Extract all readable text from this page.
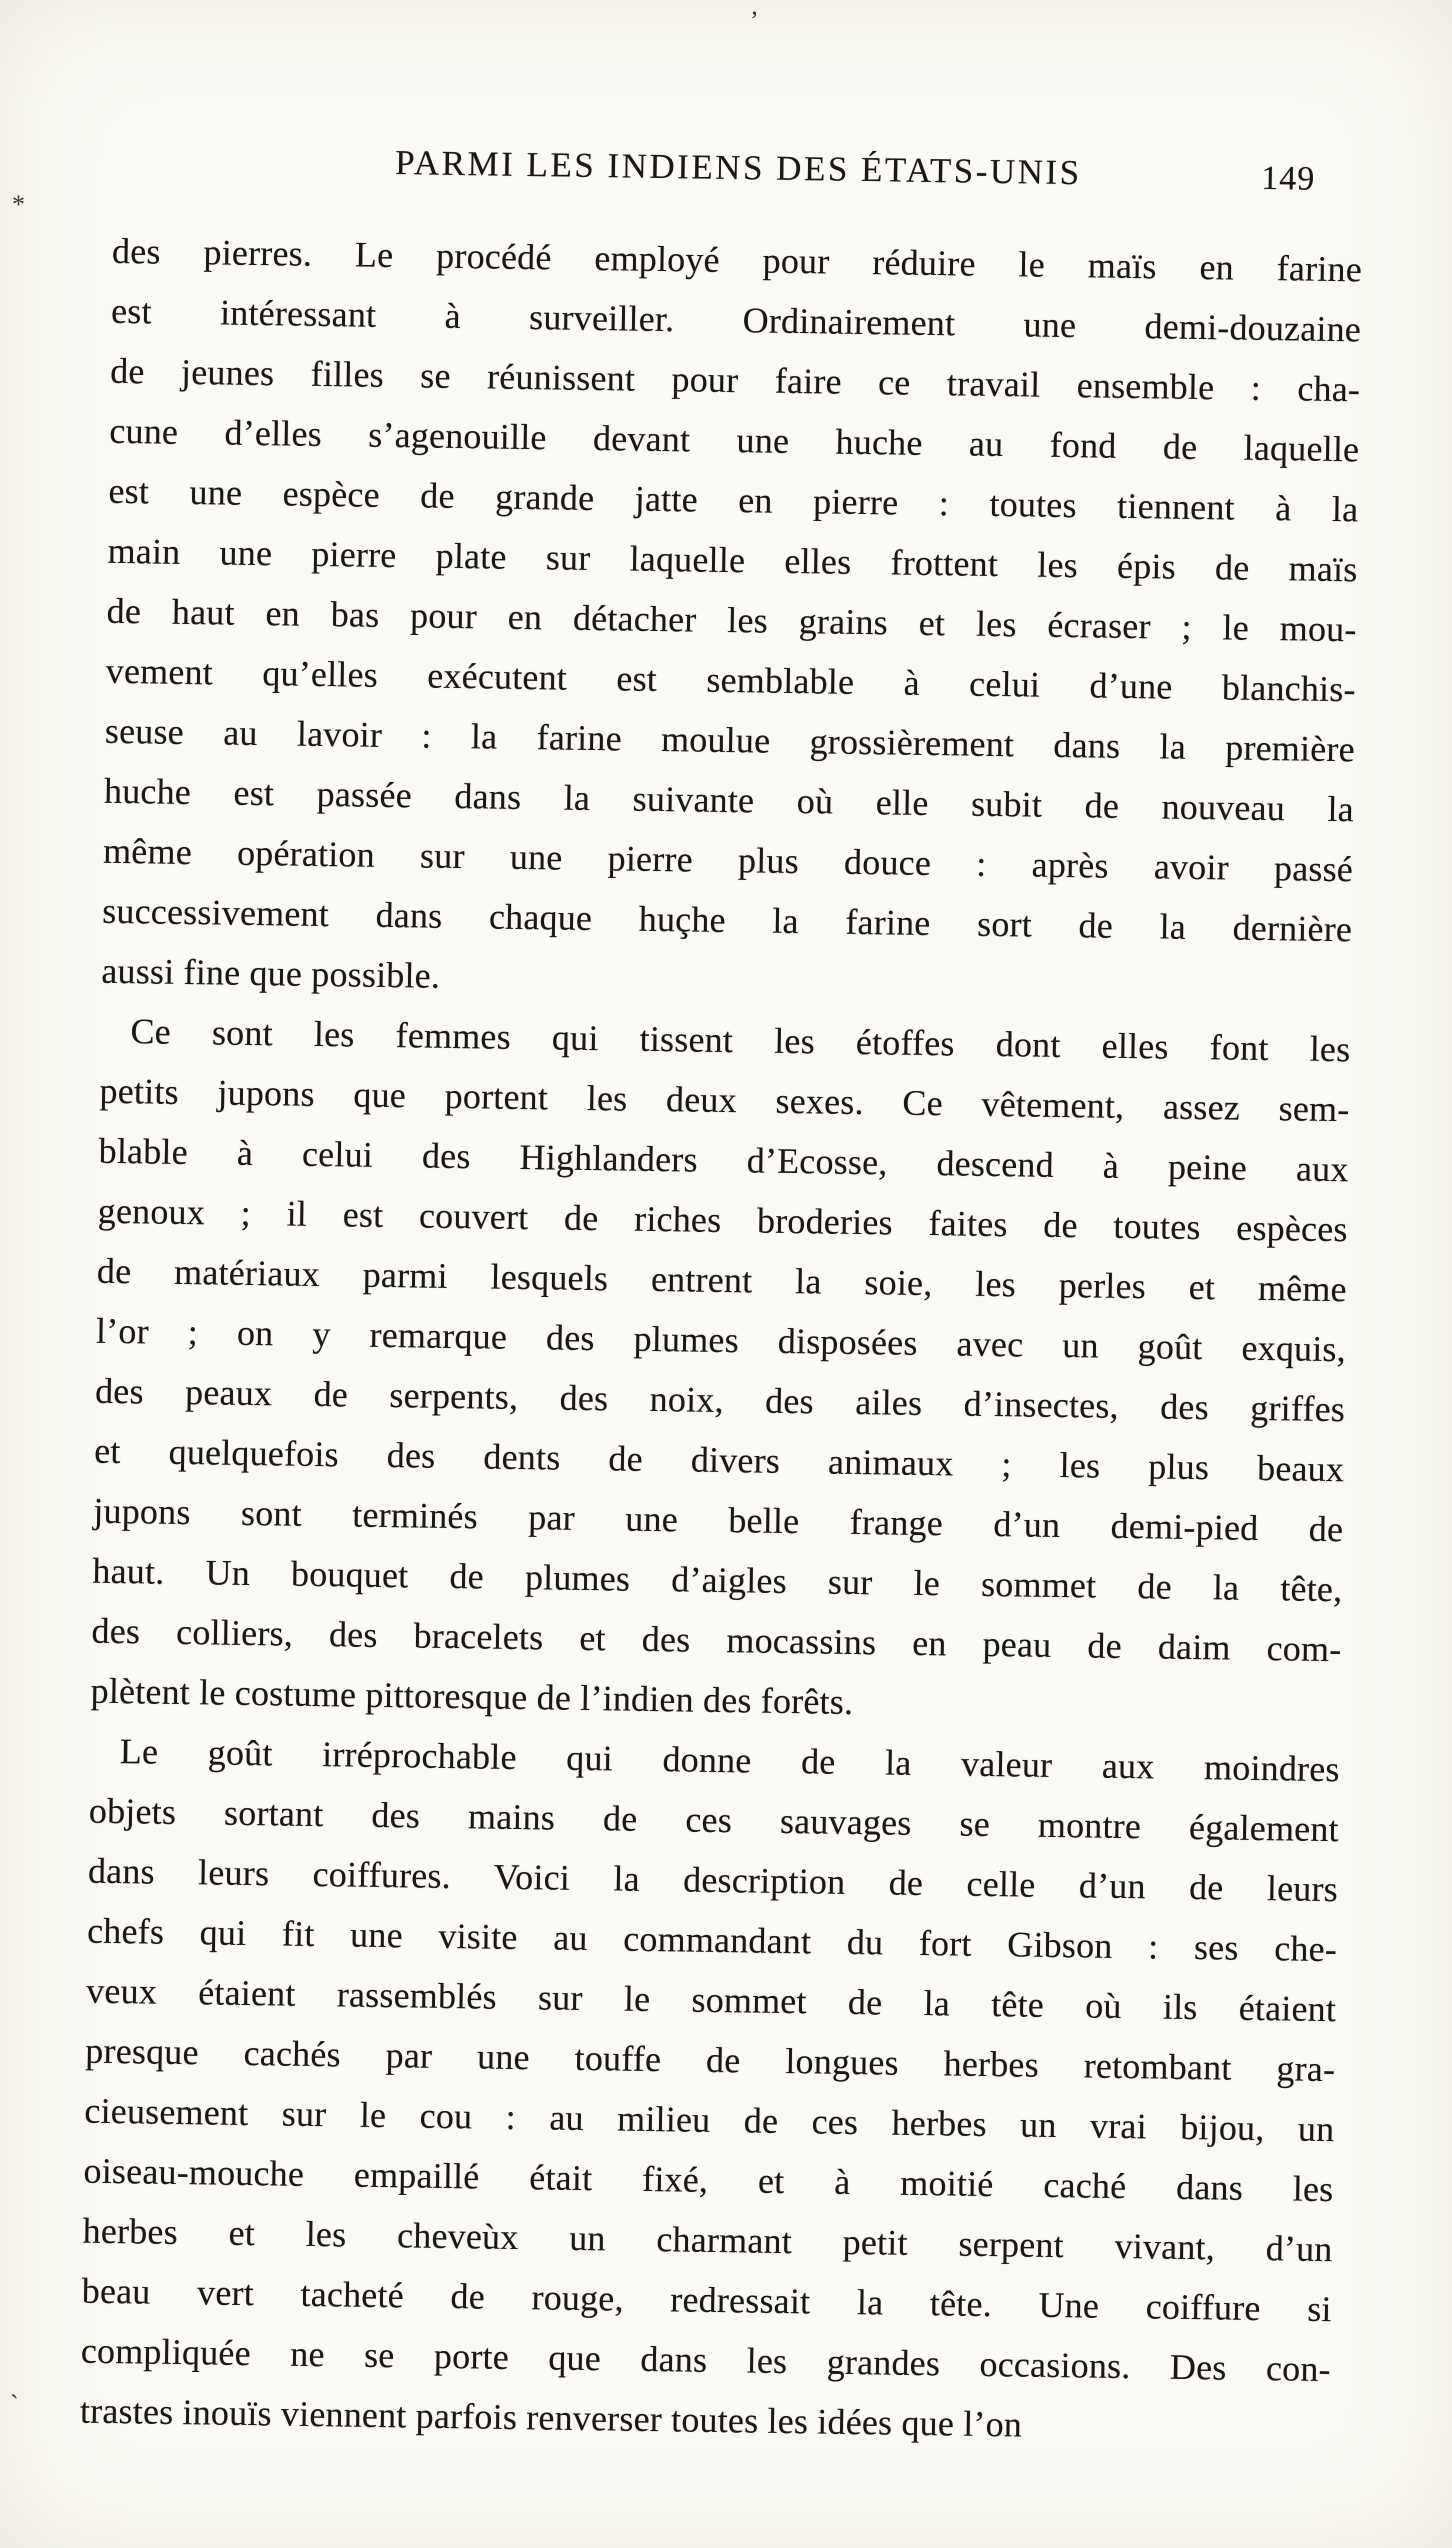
PARMI LES INDIENS DES ÉTATS-UNIS	149
des pierres. Le procédé employé pour réduire le maïs en farine
est intéressant à surveiller. Ordinairement une demi-douzaine
de jeunes filles se réunissent pour faire ce travail ensemble : cha-
cune d’elles s’agenouille devant une huche au fond de laquelle
est une espèce de grande jatte en pierre : toutes tiennent à la
main une pierre plate sur laquelle elles frottent les épis de maïs
de haut en bas pour en détacher les grains et les écraser ; le mou-
vement qu’elles exécutent est semblable à celui d’une blanchis-
seuse au lavoir : la farine moulue grossièrement dans la première
huche est passée dans la suivante où elle subit de nouveau la
même opération sur une pierre plus douce : après avoir passé
successivement dans chaque huçhe la farine sort de la dernière
aussi fine que possible.
Ce sont les femmes qui tissent les étoffes dont elles font les
petits jupons que portent les deux sexes. Ce vêtement, assez sem-
blable à celui des Highlanders d’Ecosse, descend à peine aux
genoux ; il est couvert de riches broderies faites de toutes espèces
de matériaux parmi lesquels entrent la soie, les perles et même
l’or ; on y remarque des plumes disposées avec un goût exquis,
des peaux de serpents, des noix, des ailes d’insectes, des griffes
et quelquefois des dents de divers animaux ; les plus beaux
jupons sont terminés par une belle frange d’un demi-pied de
haut. Un bouquet de plumes d’aigles sur le sommet de la tête,
des colliers, des bracelets et des mocassins en peau de daim com-
plètent le costume pittoresque de l’indien des forêts.
Le goût irréprochable qui donne de la valeur aux moindres
objets sortant des mains de ces sauvages se montre également
dans leurs coiffures. Voici la description de celle d’un de leurs
chefs qui fit une visite au commandant du fort Gibson : ses che-
veux étaient rassemblés sur le sommet de la tête où ils étaient
presque cachés par une touffe de longues herbes retombant gra-
cieusement sur le cou : au milieu de ces herbes un vrai bijou, un
oiseau-mouche empaillé était fixé, et à moitié caché dans les
herbes et les cheveùx un charmant petit serpent vivant, d’un
beau vert tacheté de rouge, redressait la tête. Une coiffure si
compliquée ne se porte que dans les grandes occasions. Des con-
trastes inouïs viennent parfois renverser toutes les idées que l’on
’
*
`
